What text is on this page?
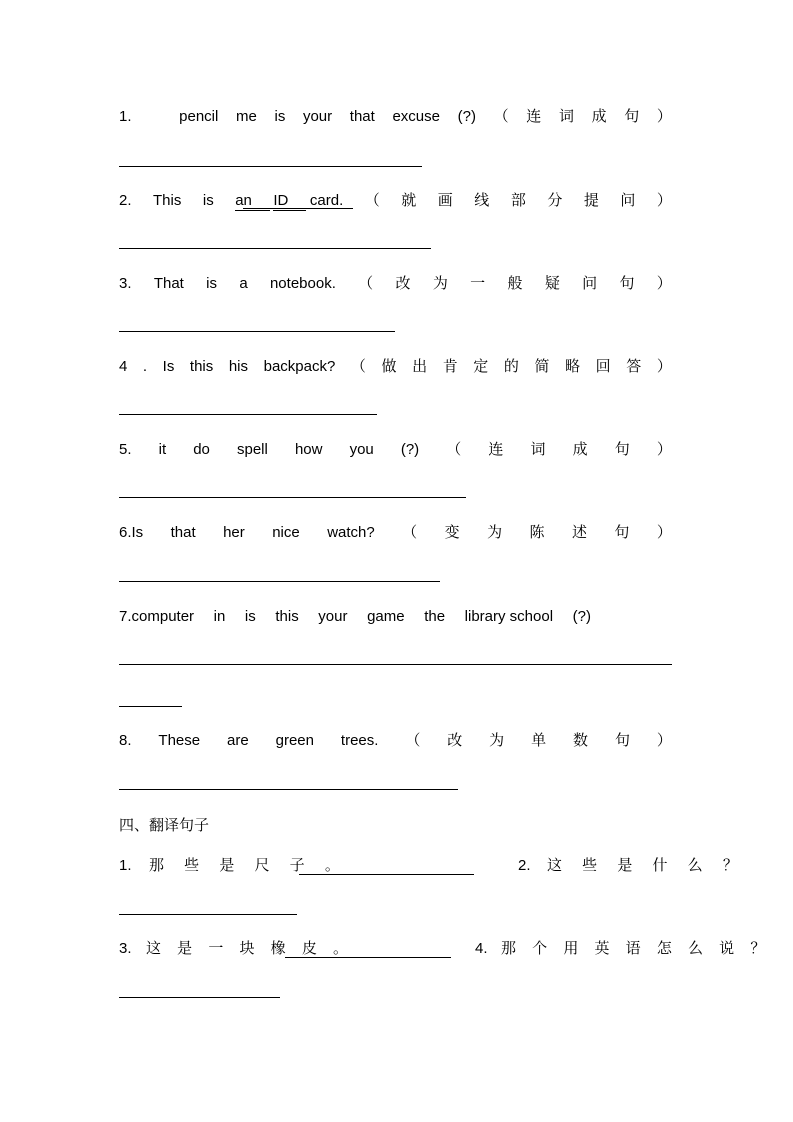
1.	pencil me is your that excuse (?) （ 连 词 成 句 ）
2. This is an	ID	card. （ 就 画 线 部 分 提 问 ）
3. That is a notebook. （ 改 为 一 般 疑 问 句 ）
4 . Is this his backpack? （ 做 出 肯 定 的 简 略 回 答 ）
5. it do spell how you (?) （ 连 词 成 句 ）
6.Is that her nice watch? （ 变 为 陈 述 句 ）
7.computer in is this your game the library school (?)
8. These are green trees. （ 改 为 单 数 句 ）
四、翻译句子
1. 那 些 是 尺 子 。	2. 这 些 是 什 么 ？
3. 这 是 一 块 橡 皮 。	4. 那 个 用 英 语 怎 么 说 ？
